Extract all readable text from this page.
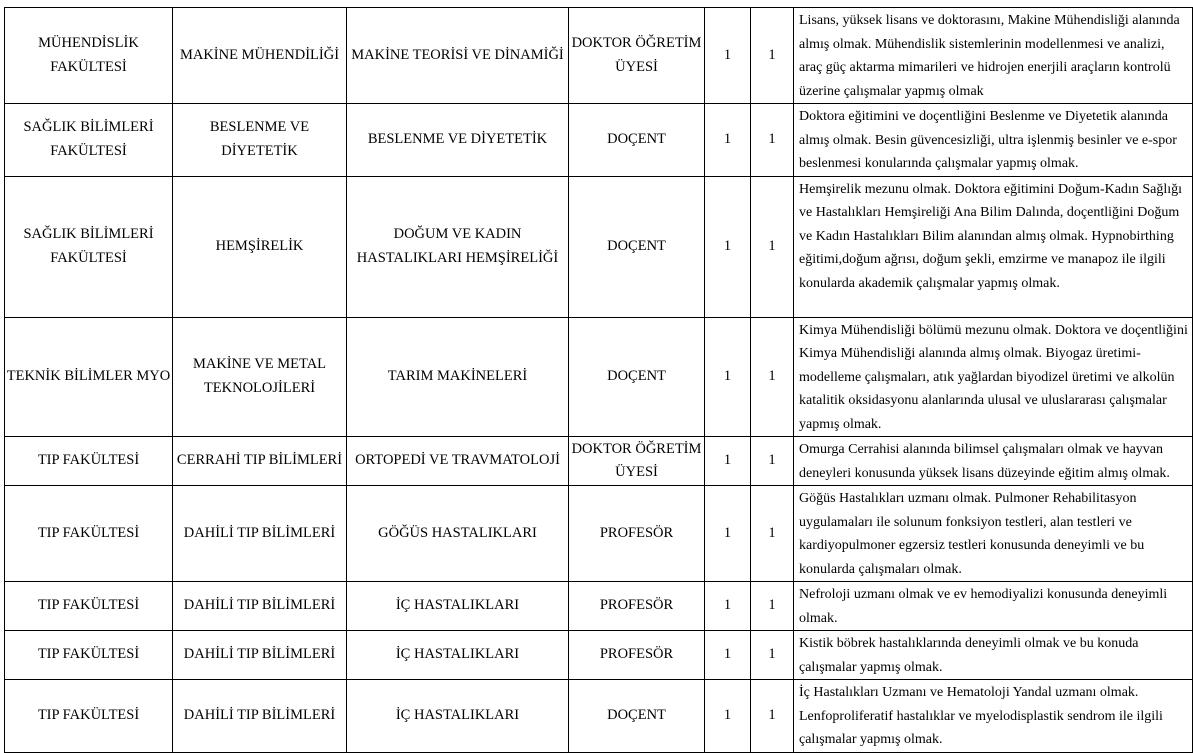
MÜHENDİSLİK FAKÜLTESİ	MAKİNE MÜHENDİLİĞİ	MAKİNE TEORİSİ VE DİNAMİĞİ	DOKTOR ÖĞRETİM ÜYESİ	1	1	Lisans, yüksek lisans ve doktorasını, Makine Mühendisliği alanında almış olmak. Mühendislik sistemlerinin modellenmesi ve analizi, araç güç aktarma mimarileri ve hidrojen enerjili araçların kontrolü üzerine çalışmalar yapmış olmak
SAĞLIK BİLİMLERİ FAKÜLTESİ	BESLENME VE DİYETETİK	BESLENME VE DİYETETİK	DOÇENT	1	1	Doktora eğitimini ve doçentliğini Beslenme ve Diyetetik alanında almış olmak. Besin güvencesizliği, ultra işlenmiş besinler ve e-spor beslenmesi konularında çalışmalar yapmış olmak.
SAĞLIK BİLİMLERİ FAKÜLTESİ	HEMŞİRELİK	DOĞUM VE KADIN HASTALIKLARI HEMŞİRELİĞİ	DOÇENT	1	1	Hemşirelik mezunu olmak. Doktora eğitimini Doğum-Kadın Sağlığı ve Hastalıkları Hemşireliği Ana Bilim Dalında, doçentliğini Doğum ve Kadın Hastalıkları Bilim alanından almış olmak. Hypnobirthing eğitimi,doğum ağrısı, doğum şekli, emzirme ve manapoz ile ilgili konularda akademik çalışmalar yapmış olmak.
TEKNİK BİLİMLER MYO	MAKİNE VE METAL TEKNOLOJİLERİ	TARIM MAKİNELERİ	DOÇENT	1	1	Kimya Mühendisliği bölümü mezunu olmak. Doktora ve doçentliğini Kimya Mühendisliği alanında almış olmak. Biyogaz üretimi-modelleme çalışmaları, atık yağlardan biyodizel üretimi ve alkolün katalitik oksidasyonu alanlarında ulusal ve uluslararası çalışmalar yapmış olmak.
TIP FAKÜLTESİ	CERRAHİ TIP BİLİMLERİ	ORTOPEDİ VE TRAVMATOLOJİ	DOKTOR ÖĞRETİM ÜYESİ	1	1	Omurga Cerrahisi alanında bilimsel çalışmaları olmak ve hayvan deneyleri konusunda yüksek lisans düzeyinde eğitim almış olmak.
TIP FAKÜLTESİ	DAHİLİ TIP BİLİMLERİ	GÖĞÜS HASTALIKLARI	PROFESÖR	1	1	Göğüs Hastalıkları uzmanı olmak. Pulmoner Rehabilitasyon uygulamaları ile solunum fonksiyon testleri, alan testleri ve kardiyopulmoner egzersiz testleri konusunda deneyimli ve bu konularda çalışmaları olmak.
TIP FAKÜLTESİ	DAHİLİ TIP BİLİMLERİ	İÇ HASTALIKLARI	PROFESÖR	1	1	Nefroloji uzmanı olmak ve ev hemodiyalizi konusunda deneyimli olmak.
TIP FAKÜLTESİ	DAHİLİ TIP BİLİMLERİ	İÇ HASTALIKLARI	PROFESÖR	1	1	Kistik böbrek hastalıklarında deneyimli olmak ve bu konuda çalışmalar yapmış olmak.
TIP FAKÜLTESİ	DAHİLİ TIP BİLİMLERİ	İÇ HASTALIKLARI	DOÇENT	1	1	İç Hastalıkları Uzmanı ve Hematoloji Yandal uzmanı olmak. Lenfoproliferatif hastalıklar ve myelodisplastik sendrom ile ilgili çalışmalar yapmış olmak.
